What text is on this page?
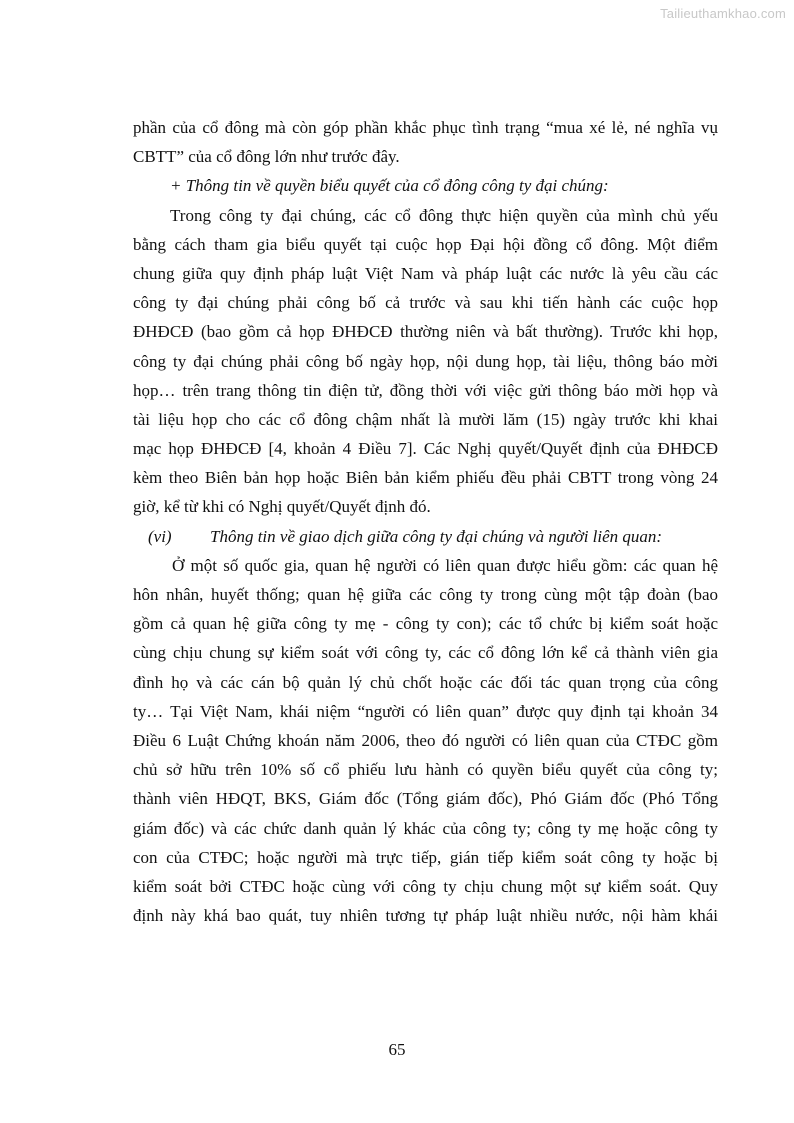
Tailieuthamkhao.com
phần của cổ đông mà còn góp phần khắc phục tình trạng “mua xé lẻ, né nghĩa vụ
CBTT” của cổ đông lớn như trước đây.
+ Thông tin về quyền biểu quyết của cổ đông công ty đại chúng:
Trong công ty đại chúng, các cổ đông thực hiện quyền của mình chủ yếu
bằng cách tham gia biểu quyết tại cuộc họp Đại hội đồng cổ đông. Một điểm
chung giữa quy định pháp luật Việt Nam và pháp luật các nước là yêu cầu các
công ty đại chúng phải công bố cả trước và sau khi tiến hành các cuộc họp
ĐHĐCĐ (bao gồm cả họp ĐHĐCĐ thường niên và bất thường). Trước khi họp,
công ty đại chúng phải công bố ngày họp, nội dung họp, tài liệu, thông báo mời
họp… trên trang thông tin điện tử, đồng thời với việc gửi thông báo mời họp và
tài liệu họp cho các cổ đông chậm nhất là mười lăm (15) ngày trước khi khai
mạc họp ĐHĐCĐ [4, khoản 4 Điều 7]. Các Nghị quyết/Quyết định của ĐHĐCĐ
kèm theo Biên bản họp hoặc Biên bản kiểm phiếu đều phải CBTT trong vòng 24
giờ, kể từ khi có Nghị quyết/Quyết định đó.
(vi) Thông tin về giao dịch giữa công ty đại chúng và người liên quan:
Ở một số quốc gia, quan hệ người có liên quan được hiểu gồm: các quan hệ
hôn nhân, huyết thống; quan hệ giữa các công ty trong cùng một tập đoàn (bao
gồm cả quan hệ giữa công ty mẹ - công ty con); các tổ chức bị kiểm soát hoặc
cùng chịu chung sự kiểm soát với công ty, các cổ đông lớn kể cả thành viên gia
đình họ và các cán bộ quản lý chủ chốt hoặc các đối tác quan trọng của công
ty… Tại Việt Nam, khái niệm “người có liên quan” được quy định tại khoản 34
Điều 6 Luật Chứng khoán năm 2006, theo đó người có liên quan của CTĐC gồm
chủ sở hữu trên 10% số cổ phiếu lưu hành có quyền biểu quyết của công ty;
thành viên HĐQT, BKS, Giám đốc (Tổng giám đốc), Phó Giám đốc (Phó Tổng
giám đốc) và các chức danh quản lý khác của công ty; công ty mẹ hoặc công ty
con của CTĐC; hoặc người mà trực tiếp, gián tiếp kiểm soát công ty hoặc bị
kiểm soát bởi CTĐC hoặc cùng với công ty chịu chung một sự kiểm soát. Quy
định này khá bao quát, tuy nhiên tương tự pháp luật nhiều nước, nội hàm khái
65
